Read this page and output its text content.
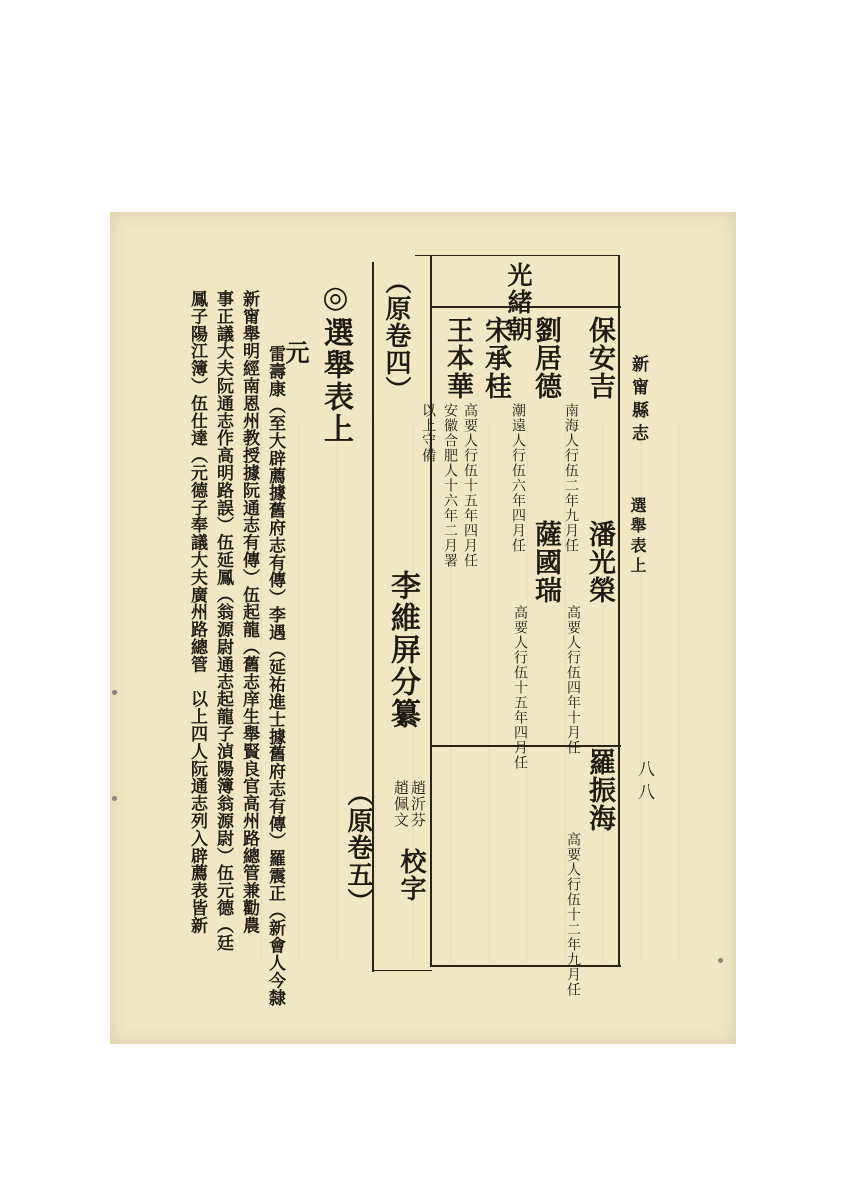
新甯縣志
選舉表上
八八
光緒朝
保安吉
南海人行伍二年九月任
劉居德
潮遠人行伍六年四月任
宋承桂
高要人行伍十五年四月任
王本華
安徽合肥人十六年二月署
以上守備
潘光榮
高要人行伍四年十月任
薩國瑞
高要人行伍十五年四月任
羅振海
高要人行伍十二年九月任
（原卷四）
李維屏分纂
趙沂芬
趙佩文
校字
（原卷五）
◎選舉表上
元
雷壽康（至大辟薦據舊府志有傳）李遇（延祐進士據舊府志有傳）羅震正（新會人今隸
新甯舉明經南恩州教授據阮通志有傳）伍起龍（舊志庠生舉賢良官高州路總管兼勸農
事正議大夫阮通志作高明路誤）伍延鳳（翁源尉通志起龍子湞陽簿翁源尉）伍元德（廷
鳳子陽江簿）伍仕達（元德子奉議大夫廣州路總管　以上四人阮通志列入辟薦表皆新
